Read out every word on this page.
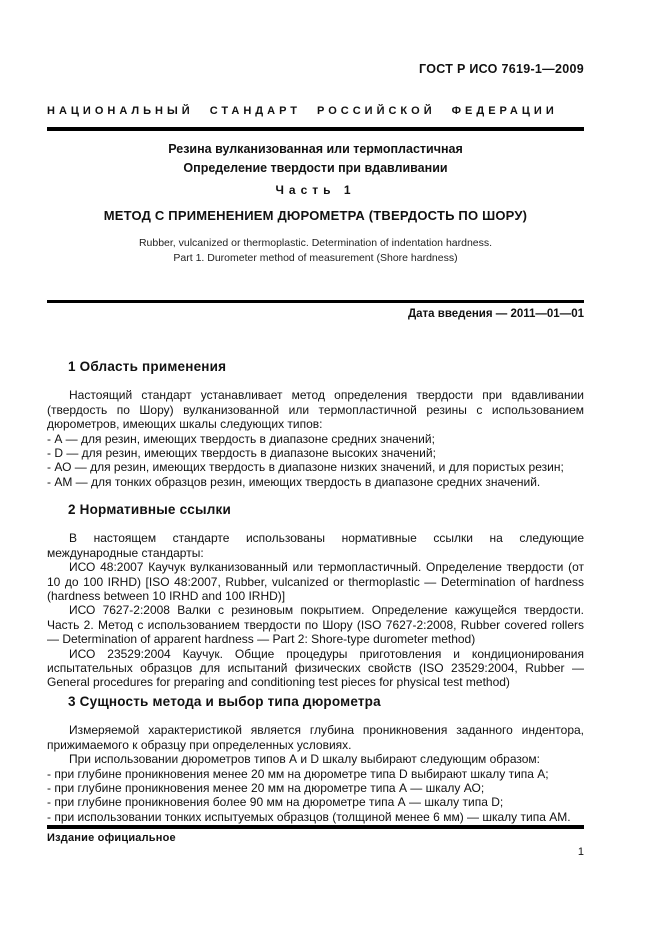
ГОСТ Р ИСО 7619-1—2009
НАЦИОНАЛЬНЫЙ СТАНДАРТ РОССИЙСКОЙ ФЕДЕРАЦИИ
Резина вулканизованная или термопластичная
Определение твердости при вдавливании
Часть 1
МЕТОД С ПРИМЕНЕНИЕМ ДЮРОМЕТРА (ТВЕРДОСТЬ ПО ШОРУ)
Rubber, vulcanized or thermoplastic. Determination of indentation hardness.
Part 1. Durometer method of measurement (Shore hardness)
Дата введения — 2011—01—01
1 Область применения

Настоящий стандарт устанавливает метод определения твердости при вдавливании (твердость по Шору) вулканизованной или термопластичной резины с использованием дюрометров, имеющих шкалы следующих типов:

- А — для резин, имеющих твердость в диапазоне средних значений;

- D — для резин, имеющих твердость в диапазоне высоких значений;

- АО — для резин, имеющих твердость в диапазоне низких значений, и для пористых резин;

- АМ — для тонких образцов резин, имеющих твердость в диапазоне средних значений.

2 Нормативные ссылки

В настоящем стандарте использованы нормативные ссылки на следующие международные стандарты:

ИСО 48:2007 Каучук вулканизованный или термопластичный. Определение твердости (от 10 до 100 IRHD) [ISO 48:2007, Rubber, vulcanized or thermoplastic — Determination of hardness (hardness between 10 IRHD and 100 IRHD)]

ИСО 7627-2:2008 Валки с резиновым покрытием. Определение кажущейся твердости. Часть 2. Метод с использованием твердости по Шору (ISO 7627-2:2008, Rubber covered rollers — Determination of apparent hardness — Part 2: Shore-type durometer method)

ИСО 23529:2004 Каучук. Общие процедуры приготовления и кондиционирования испытательных образцов для испытаний физических свойств (ISO 23529:2004, Rubber — General procedures for preparing and conditioning test pieces for physical test method)

3 Сущность метода и выбор типа дюрометра

Измеряемой характеристикой является глубина проникновения заданного индентора, прижимаемого к образцу при определенных условиях.

При использовании дюрометров типов А и D шкалу выбирают следующим образом:

- при глубине проникновения менее 20 мм на дюрометре типа D выбирают шкалу типа А;

- при глубине проникновения менее 20 мм на дюрометре типа А — шкалу АО;

- при глубине проникновения более 90 мм на дюрометре типа А — шкалу типа D;

- при использовании тонких испытуемых образцов (толщиной менее 6 мм) — шкалу типа АМ.

Издание официальное
1
